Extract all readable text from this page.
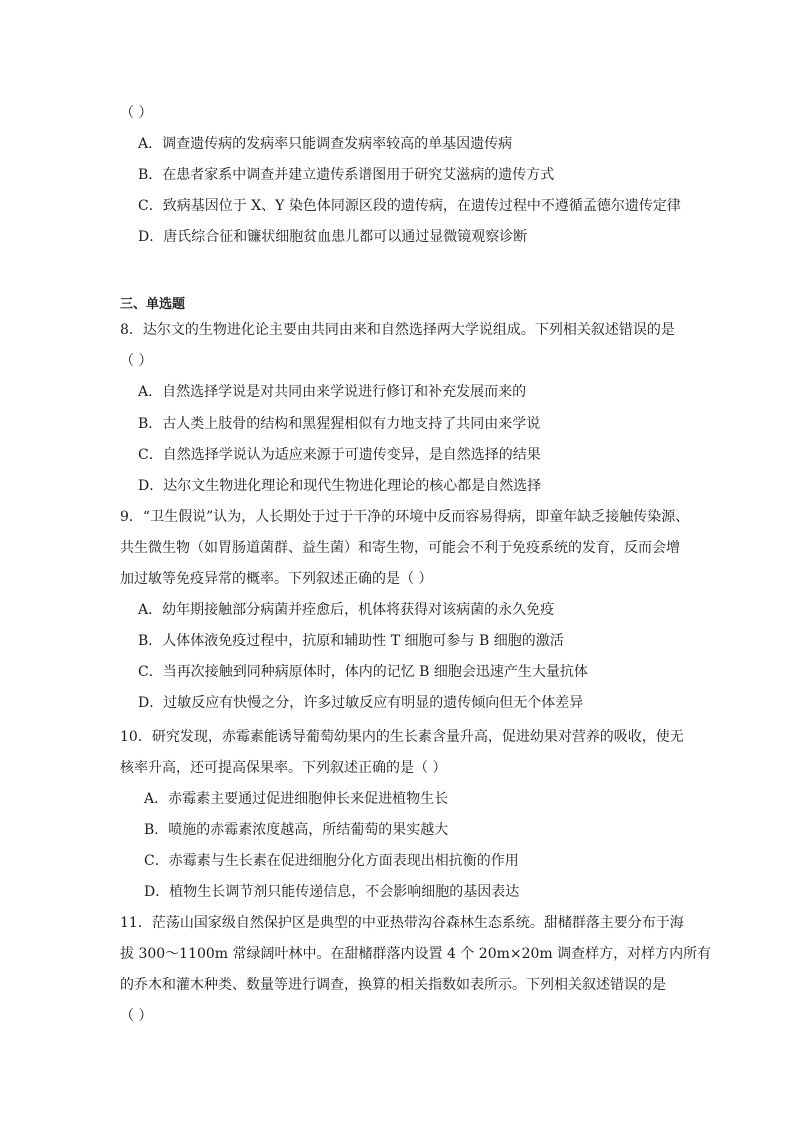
（ ）
A．调查遗传病的发病率只能调查发病率较高的单基因遗传病
B．在患者家系中调查并建立遗传系谱图用于研究艾滋病的遗传方式
C．致病基因位于 X、Y 染色体同源区段的遗传病，在遗传过程中不遵循孟德尔遗传定律
D．唐氏综合征和镰状细胞贫血患儿都可以通过显微镜观察诊断
三、单选题
8．达尔文的生物进化论主要由共同由来和自然选择两大学说组成。下列相关叙述错误的是
（ ）
A．自然选择学说是对共同由来学说进行修订和补充发展而来的
B．古人类上肢骨的结构和黑猩猩相似有力地支持了共同由来学说
C．自然选择学说认为适应来源于可遗传变异，是自然选择的结果
D．达尔文生物进化理论和现代生物进化理论的核心都是自然选择
9．“卫生假说”认为，人长期处于过于干净的环境中反而容易得病，即童年缺乏接触传染源、
共生微生物（如胃肠道菌群、益生菌）和寄生物，可能会不利于免疫系统的发育，反而会增
加过敏等免疫异常的概率。下列叙述正确的是（ ）
A．幼年期接触部分病菌并痊愈后，机体将获得对该病菌的永久免疫
B．人体体液免疫过程中，抗原和辅助性 T 细胞可参与 B 细胞的激活
C．当再次接触到同种病原体时，体内的记忆 B 细胞会迅速产生大量抗体
D．过敏反应有快慢之分，许多过敏反应有明显的遗传倾向但无个体差异
10．研究发现，赤霉素能诱导葡萄幼果内的生长素含量升高，促进幼果对营养的吸收，使无
核率升高，还可提高保果率。下列叙述正确的是（ ）
A．赤霉素主要通过促进细胞伸长来促进植物生长
B．喷施的赤霉素浓度越高，所结葡萄的果实越大
C．赤霉素与生长素在促进细胞分化方面表现出相抗衡的作用
D．植物生长调节剂只能传递信息，不会影响细胞的基因表达
11．茫荡山国家级自然保护区是典型的中亚热带沟谷森林生态系统。甜槠群落主要分布于海
拔 300～1100m 常绿阔叶林中。在甜槠群落内设置 4 个 20m×20m 调查样方，对样方内所有
的乔木和灌木种类、数量等进行调查，换算的相关指数如表所示。下列相关叙述错误的是
（ ）
